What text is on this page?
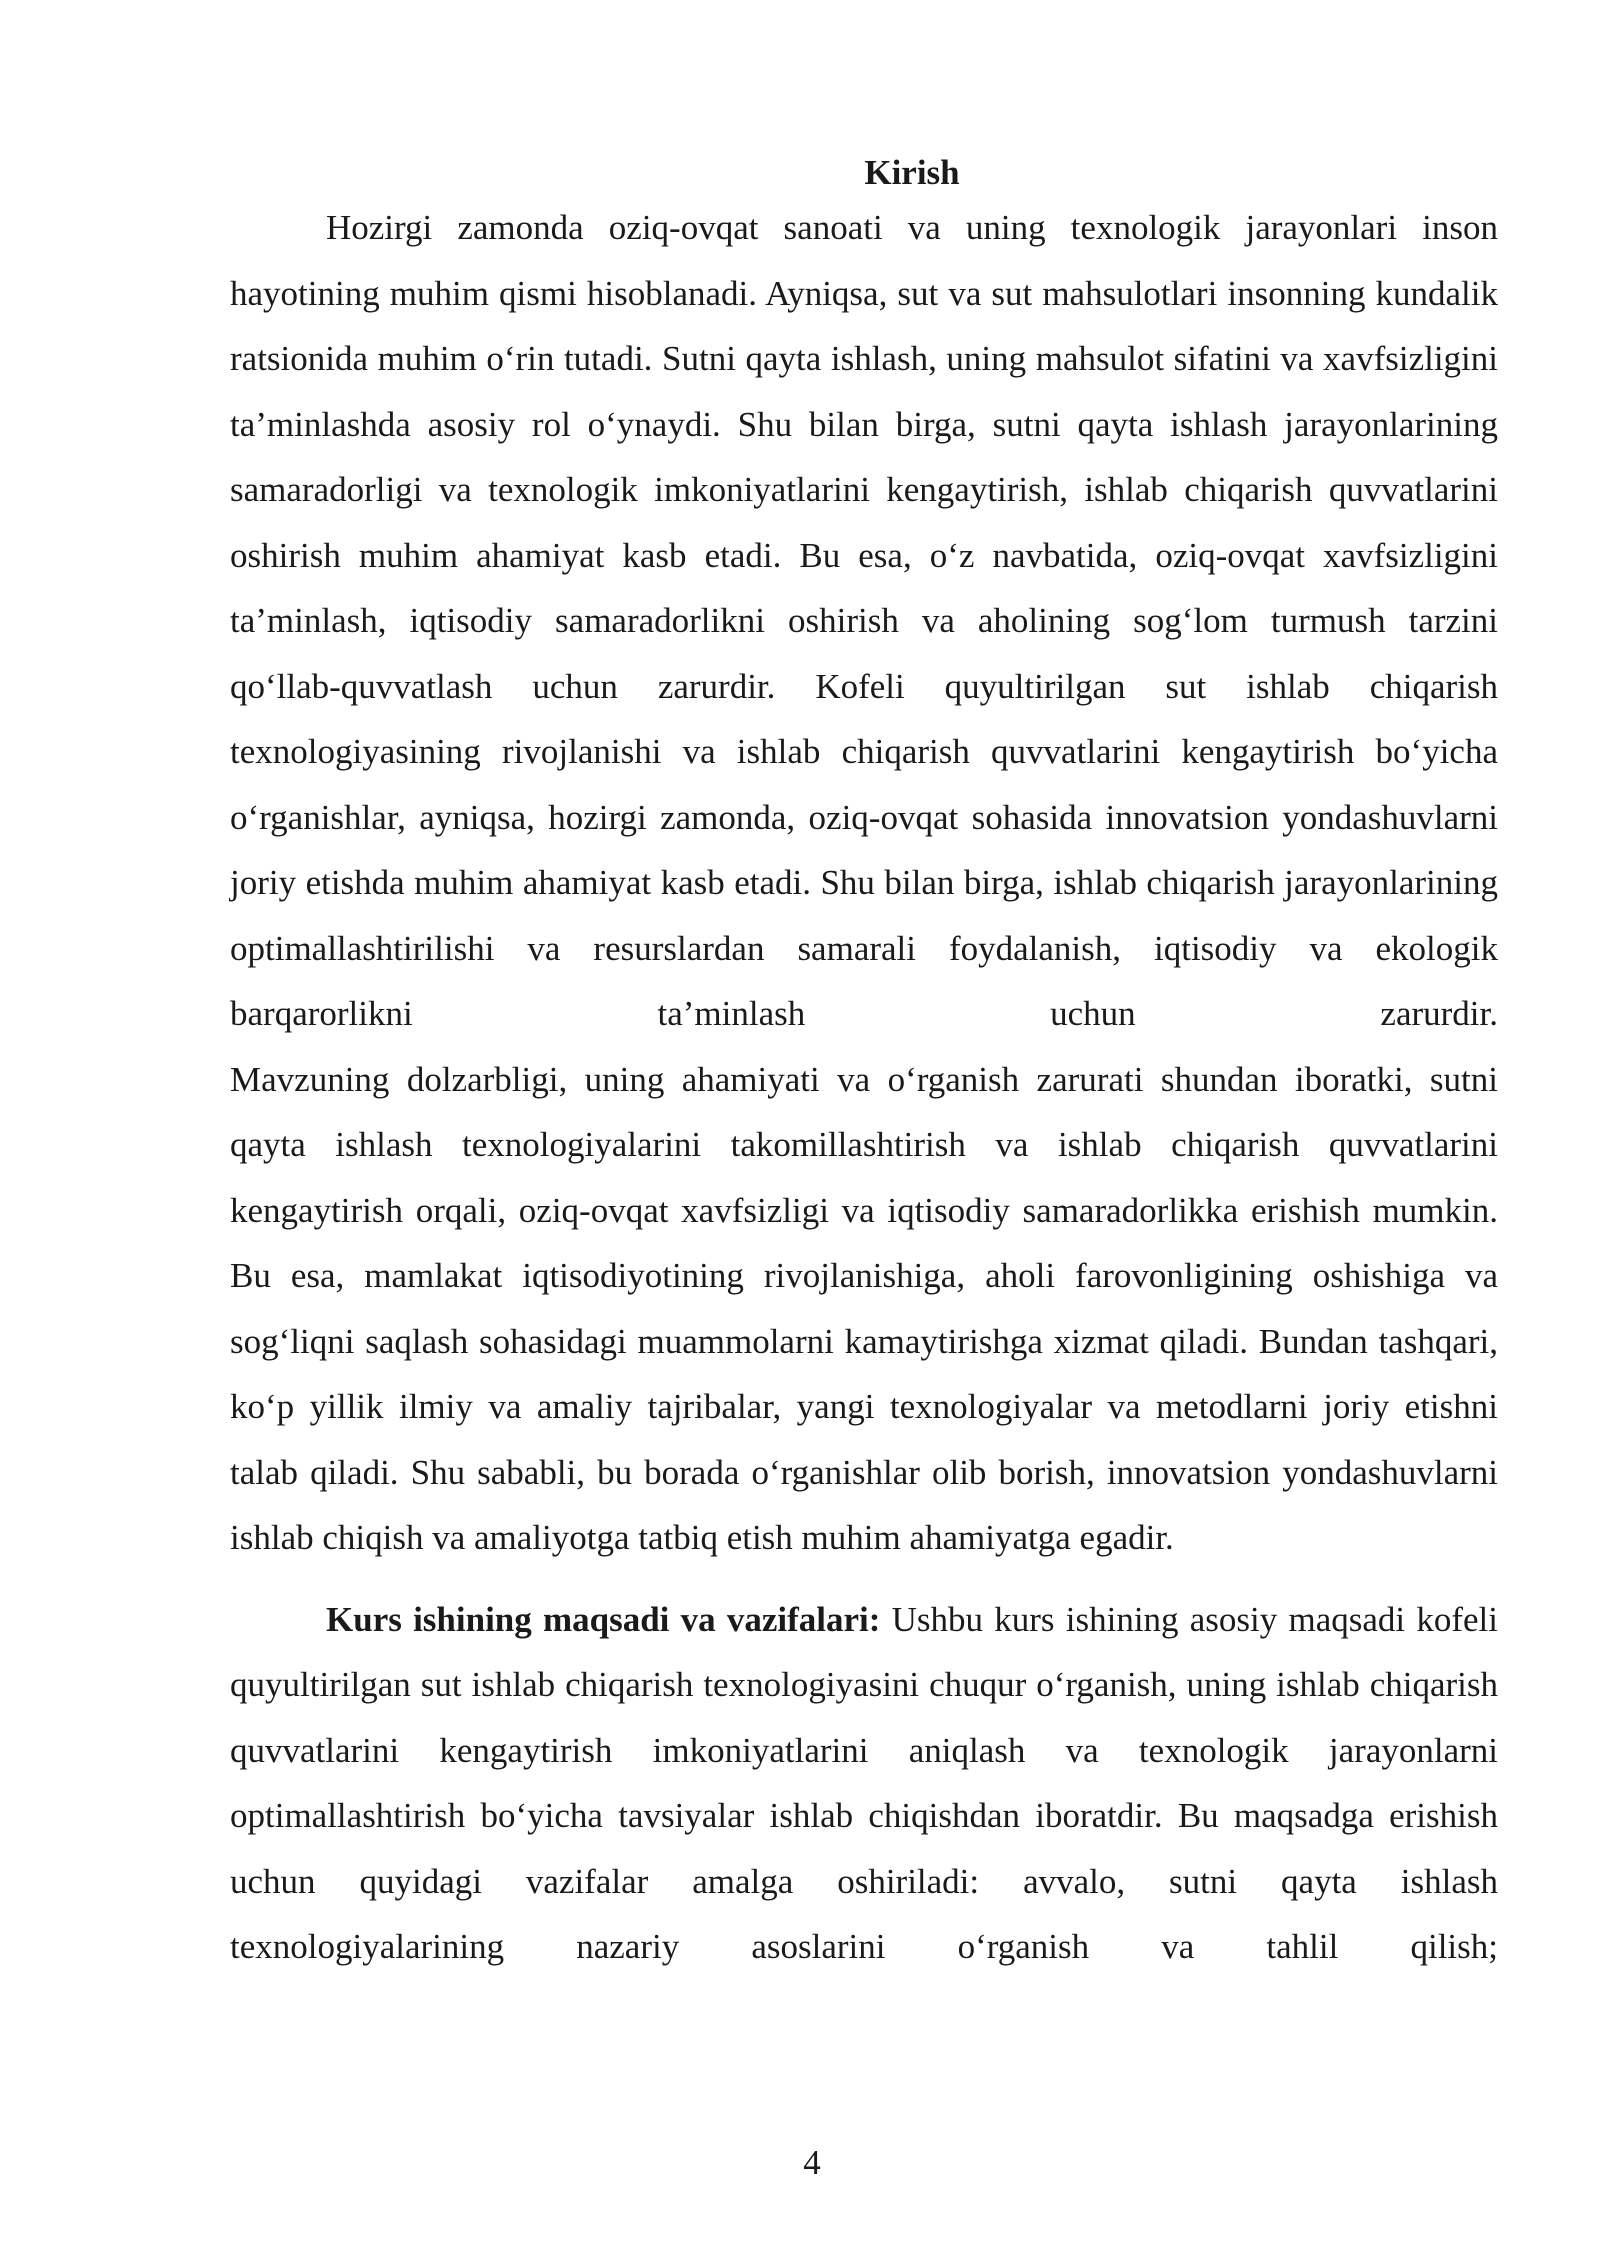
Kirish

Hozirgi zamonda oziq-ovqat sanoati va uning texnologik jarayonlari inson hayotining muhim qismi hisoblanadi. Ayniqsa, sut va sut mahsulotlari insonning kundalik ratsionida muhim o‘rin tutadi. Sutni qayta ishlash, uning mahsulot sifatini va xavfsizligini ta’minlashda asosiy rol o‘ynaydi. Shu bilan birga, sutni qayta ishlash jarayonlarining samaradorligi va texnologik imkoniyatlarini kengaytirish, ishlab chiqarish quvvatlarini oshirish muhim ahamiyat kasb etadi. Bu esa, o‘z navbatida, oziq-ovqat xavfsizligini ta’minlash, iqtisodiy samaradorlikni oshirish va aholining sog‘lom turmush tarzini qo‘llab-quvvatlash uchun zarurdir. Kofeli quyultirilgan sut ishlab chiqarish texnologiyasining rivojlanishi va ishlab chiqarish quvvatlarini kengaytirish bo‘yicha o‘rganishlar, ayniqsa, hozirgi zamonda, oziq-ovqat sohasida innovatsion yondashuvlarni joriy etishda muhim ahamiyat kasb etadi. Shu bilan birga, ishlab chiqarish jarayonlarining optimallashtirilishi va resurslardan samarali foydalanish, iqtisodiy va ekologik barqarorlikni ta’minlash uchun zarurdir.

Mavzuning dolzarbligi, uning ahamiyati va o‘rganish zarurati shundan iboratki, sutni qayta ishlash texnologiyalarini takomillashtirish va ishlab chiqarish quvvatlarini kengaytirish orqali, oziq-ovqat xavfsizligi va iqtisodiy samaradorlikka erishish mumkin. Bu esa, mamlakat iqtisodiyotining rivojlanishiga, aholi farovonligining oshishiga va sog‘liqni saqlash sohasidagi muammolarni kamaytirishga xizmat qiladi. Bundan tashqari, ko‘p yillik ilmiy va amaliy tajribalar, yangi texnologiyalar va metodlarni joriy etishni talab qiladi. Shu sababli, bu borada o‘rganishlar olib borish, innovatsion yondashuvlarni ishlab chiqish va amaliyotga tatbiq etish muhim ahamiyatga egadir.

Kurs ishining maqsadi va vazifalari: Ushbu kurs ishining asosiy maqsadi kofeli quyultirilgan sut ishlab chiqarish texnologiyasini chuqur o‘rganish, uning ishlab chiqarish quvvatlarini kengaytirish imkoniyatlarini aniqlash va texnologik jarayonlarni optimallashtirish bo‘yicha tavsiyalar ishlab chiqishdan iboratdir. Bu maqsadga erishish uchun quyidagi vazifalar amalga oshiriladi: avvalo, sutni qayta ishlash texnologiyalarining nazariy asoslarini o‘rganish va tahlil qilish;

4
